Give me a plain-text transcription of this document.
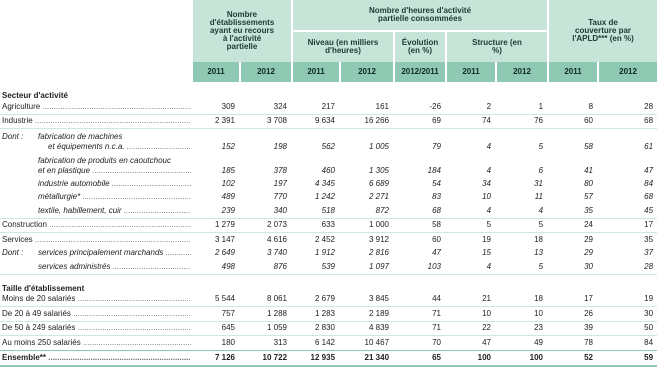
	Nombre d'établissements ayant eu recours à l'activité partielle		Nombre d'heures d'activité partielle consommées					Taux de couverture par l'APLD*** (en %)	
			Niveau (en milliers d'heures)		Évolution (en %)	Structure (en %)			

	2011	2012	2011	2012	2012/2011	2011	2012	2011	2012
Secteur d'activité									

Agriculture .....	309	324	217	161	-26	2	1	8	28

Industrie .....	2 391	3 708	9 634	16 266	69	74	76	60	68

Dont : fabrication de machines
et équipements n.c.a. .....	152	198	562	1 005	79	4	5	58	61

fabrication de produits en caoutchouc
et en plastique .....	185	378	460	1 305	184	4	6	41	47

industrie automobile .....	102	197	4 345	6 689	54	34	31	80	84

métallurgie* .....	489	770	1 242	2 271	83	10	11	57	68

textile, habillement, cuir .....	239	340	518	872	68	4	4	35	45

Construction .....	1 279	2 073	633	1 000	58	5	5	24	17

Services .....	3 147	4 616	2 452	3 912	60	19	18	29	35

Dont : services principalement marchands .....	2 649	3 740	1 912	2 816	47	15	13	29	37

services administrés .....	498	876	539	1 097	103	4	5	30	28
Taille d'établissement									

Moins de 20 salariés .....	5 544	8 061	2 679	3 845	44	21	18	17	19

De 20 à 49 salariés .....	757	1 288	1 283	2 189	71	10	10	26	30

De 50 à 249 salariés .....	645	1 059	2 830	4 839	71	22	23	39	50

Au moins 250 salariés .....	180	313	6 142	10 467	70	47	49	78	84
Ensemble** .....	7 126	10 722	12 935	21 340	65	100	100	52	59
